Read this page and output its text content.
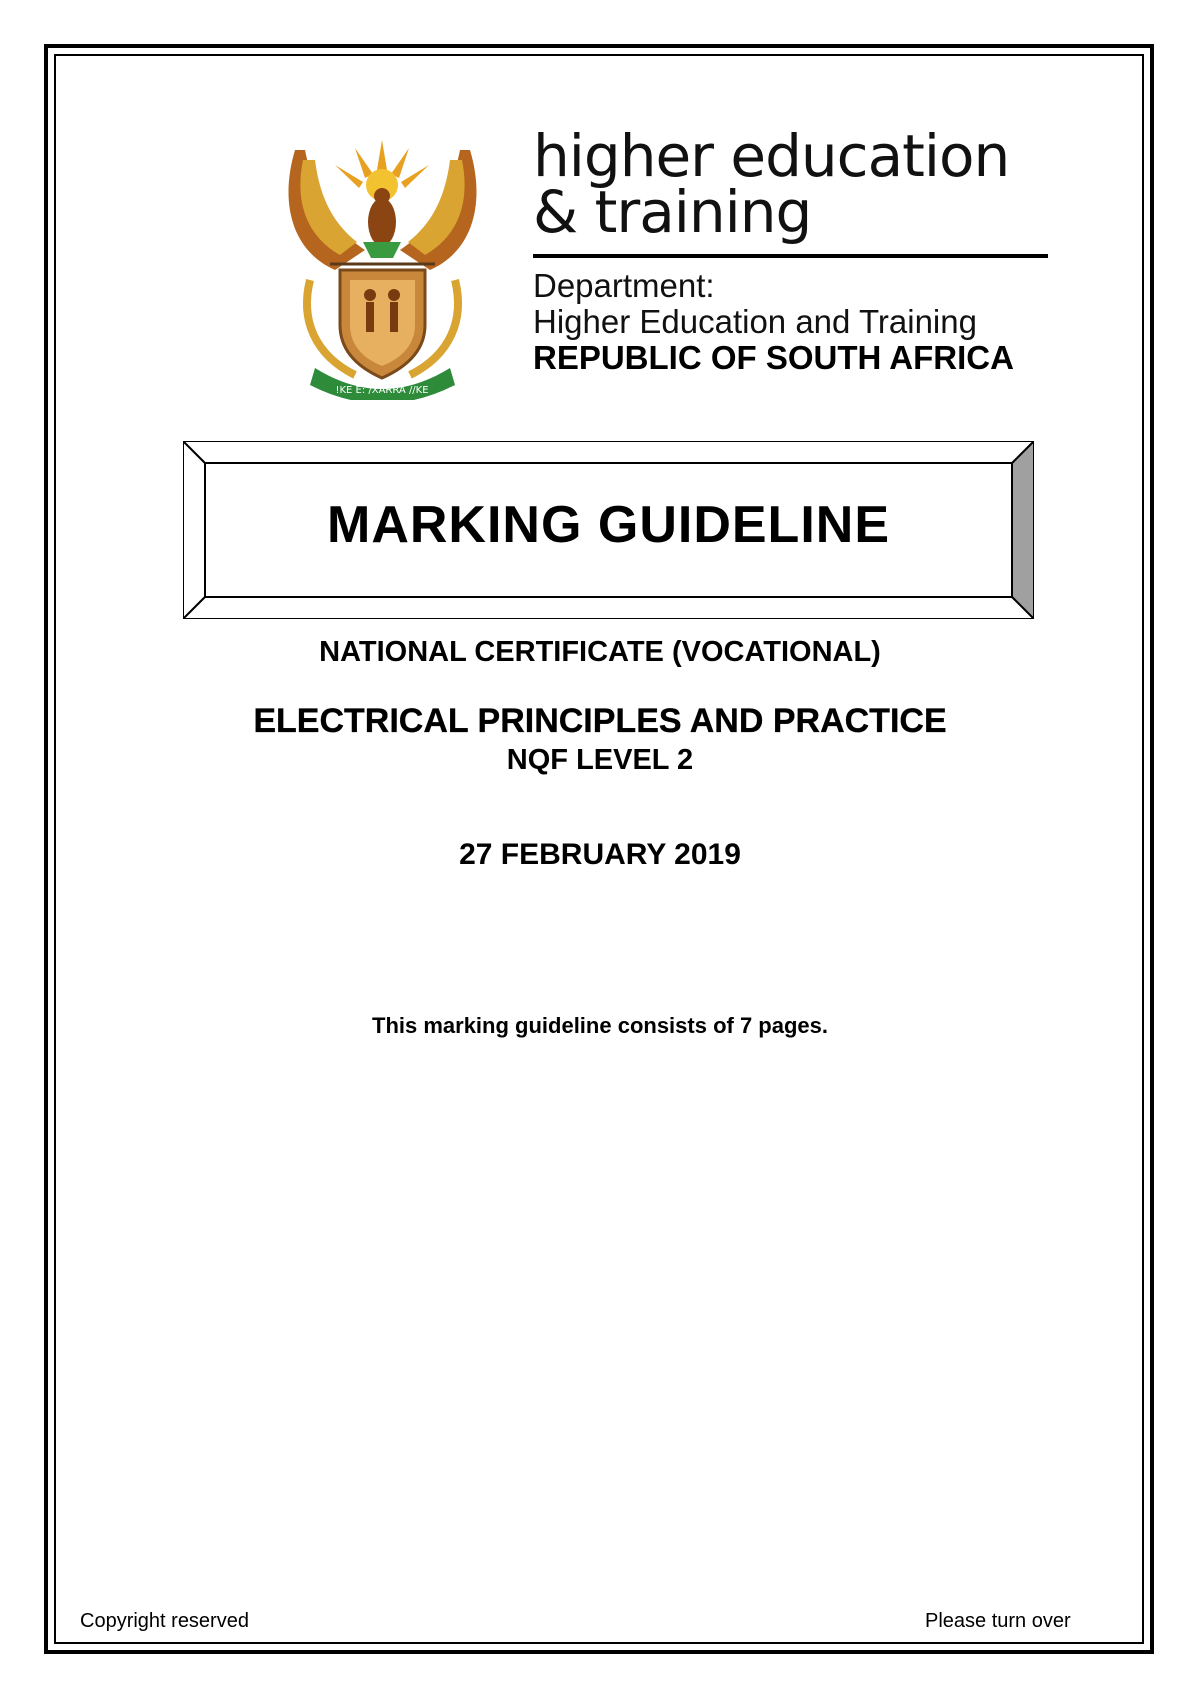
!KE E: /XARRA //KE
higher education
& training
Department:
Higher Education and Training
REPUBLIC OF SOUTH AFRICA
MARKING GUIDELINE
NATIONAL CERTIFICATE (VOCATIONAL)
ELECTRICAL PRINCIPLES AND PRACTICE
NQF LEVEL 2
27 FEBRUARY 2019
This marking guideline consists of 7 pages.
Copyright reserved	Please turn over
